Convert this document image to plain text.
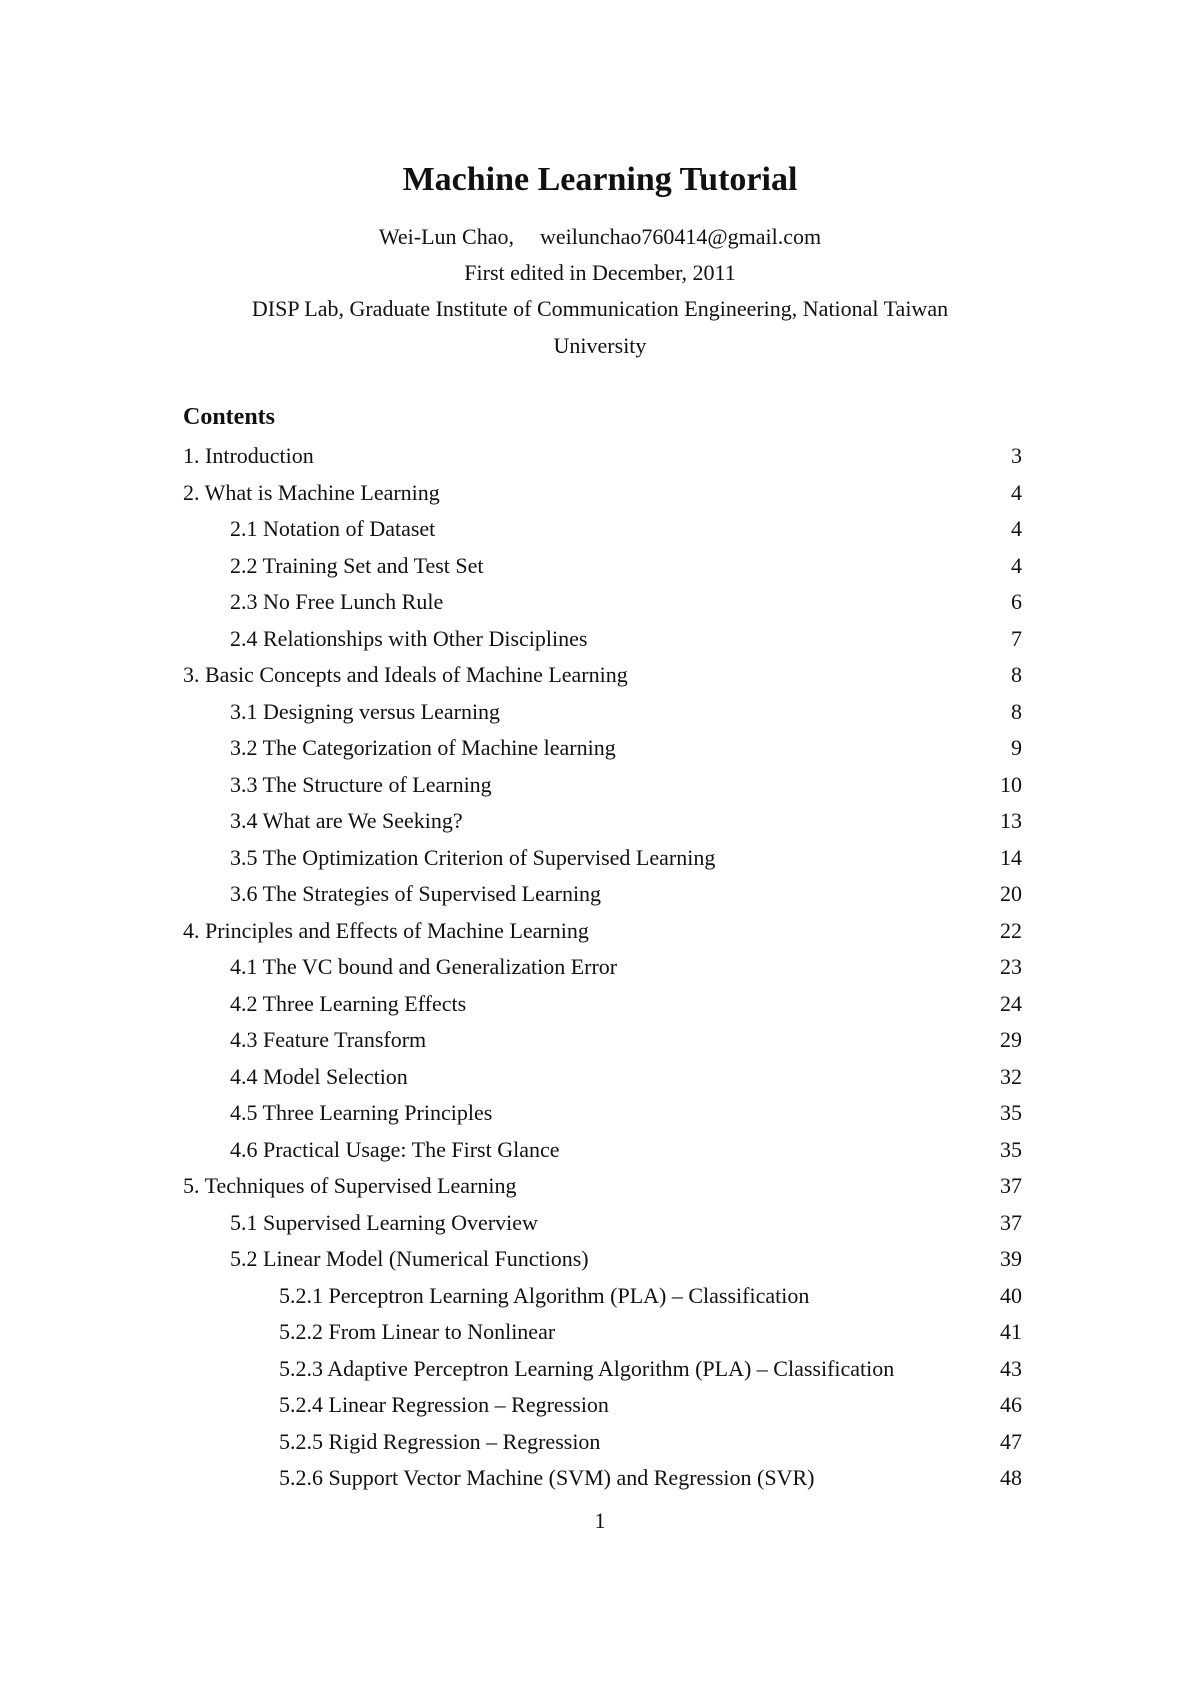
Machine Learning Tutorial
Wei-Lun Chao, weilunchao760414@gmail.com
First edited in December, 2011
DISP Lab, Graduate Institute of Communication Engineering, National Taiwan
University
Contents
1. Introduction	3
2. What is Machine Learning	4
2.1 Notation of Dataset	4
2.2 Training Set and Test Set	4
2.3 No Free Lunch Rule	6
2.4 Relationships with Other Disciplines	7
3. Basic Concepts and Ideals of Machine Learning	8
3.1 Designing versus Learning	8
3.2 The Categorization of Machine learning	9
3.3 The Structure of Learning	10
3.4 What are We Seeking?	13
3.5 The Optimization Criterion of Supervised Learning	14
3.6 The Strategies of Supervised Learning	20
4. Principles and Effects of Machine Learning	22
4.1 The VC bound and Generalization Error	23
4.2 Three Learning Effects	24
4.3 Feature Transform	29
4.4 Model Selection	32
4.5 Three Learning Principles	35
4.6 Practical Usage: The First Glance	35
5. Techniques of Supervised Learning	37
5.1 Supervised Learning Overview	37
5.2 Linear Model (Numerical Functions)	39
5.2.1 Perceptron Learning Algorithm (PLA) – Classification	40
5.2.2 From Linear to Nonlinear	41
5.2.3 Adaptive Perceptron Learning Algorithm (PLA) – Classification	43
5.2.4 Linear Regression – Regression	46
5.2.5 Rigid Regression – Regression	47
5.2.6 Support Vector Machine (SVM) and Regression (SVR)	48
1
